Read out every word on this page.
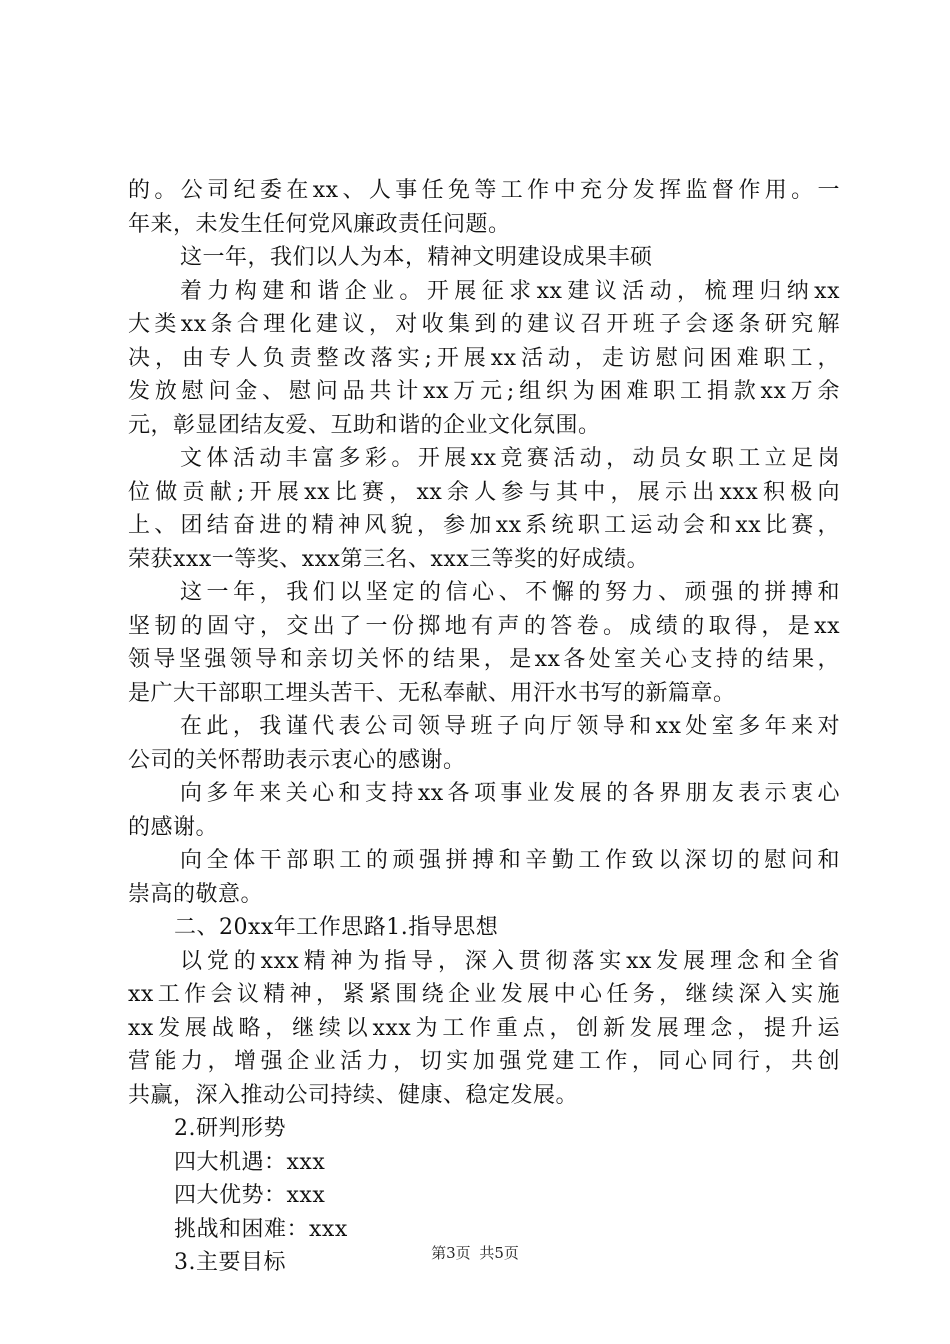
的。公司纪委在xx、人事任免等工作中充分发挥监督作用。一
年来，未发生任何党风廉政责任问题。
这一年，我们以人为本，精神文明建设成果丰硕
着力构建和谐企业。开展征求xx建议活动，梳理归纳xx
大类xx条合理化建议，对收集到的建议召开班子会逐条研究解
决，由专人负责整改落实;开展xx活动，走访慰问困难职工，
发放慰问金、慰问品共计xx万元;组织为困难职工捐款xx万余
元，彰显团结友爱、互助和谐的企业文化氛围。
文体活动丰富多彩。开展xx竞赛活动，动员女职工立足岗
位做贡献;开展xx比赛，xx余人参与其中，展示出xxx积极向
上、团结奋进的精神风貌，参加xx系统职工运动会和xx比赛，
荣获xxx一等奖、xxx第三名、xxx三等奖的好成绩。
这一年，我们以坚定的信心、不懈的努力、顽强的拼搏和
坚韧的固守，交出了一份掷地有声的答卷。成绩的取得，是xx
领导坚强领导和亲切关怀的结果，是xx各处室关心支持的结果，
是广大干部职工埋头苦干、无私奉献、用汗水书写的新篇章。
在此，我谨代表公司领导班子向厅领导和xx处室多年来对
公司的关怀帮助表示衷心的感谢。
向多年来关心和支持xx各项事业发展的各界朋友表示衷心
的感谢。
向全体干部职工的顽强拼搏和辛勤工作致以深切的慰问和
崇高的敬意。
二、20xx年工作思路1.指导思想
以党的xxx精神为指导，深入贯彻落实xx发展理念和全省
xx工作会议精神，紧紧围绕企业发展中心任务，继续深入实施
xx发展战略，继续以xxx为工作重点，创新发展理念，提升运
营能力，增强企业活力，切实加强党建工作，同心同行，共创
共赢，深入推动公司持续、健康、稳定发展。
2.研判形势
四大机遇：xxx
四大优势：xxx
挑战和困难：xxx
3.主要目标	第3页 共5页
